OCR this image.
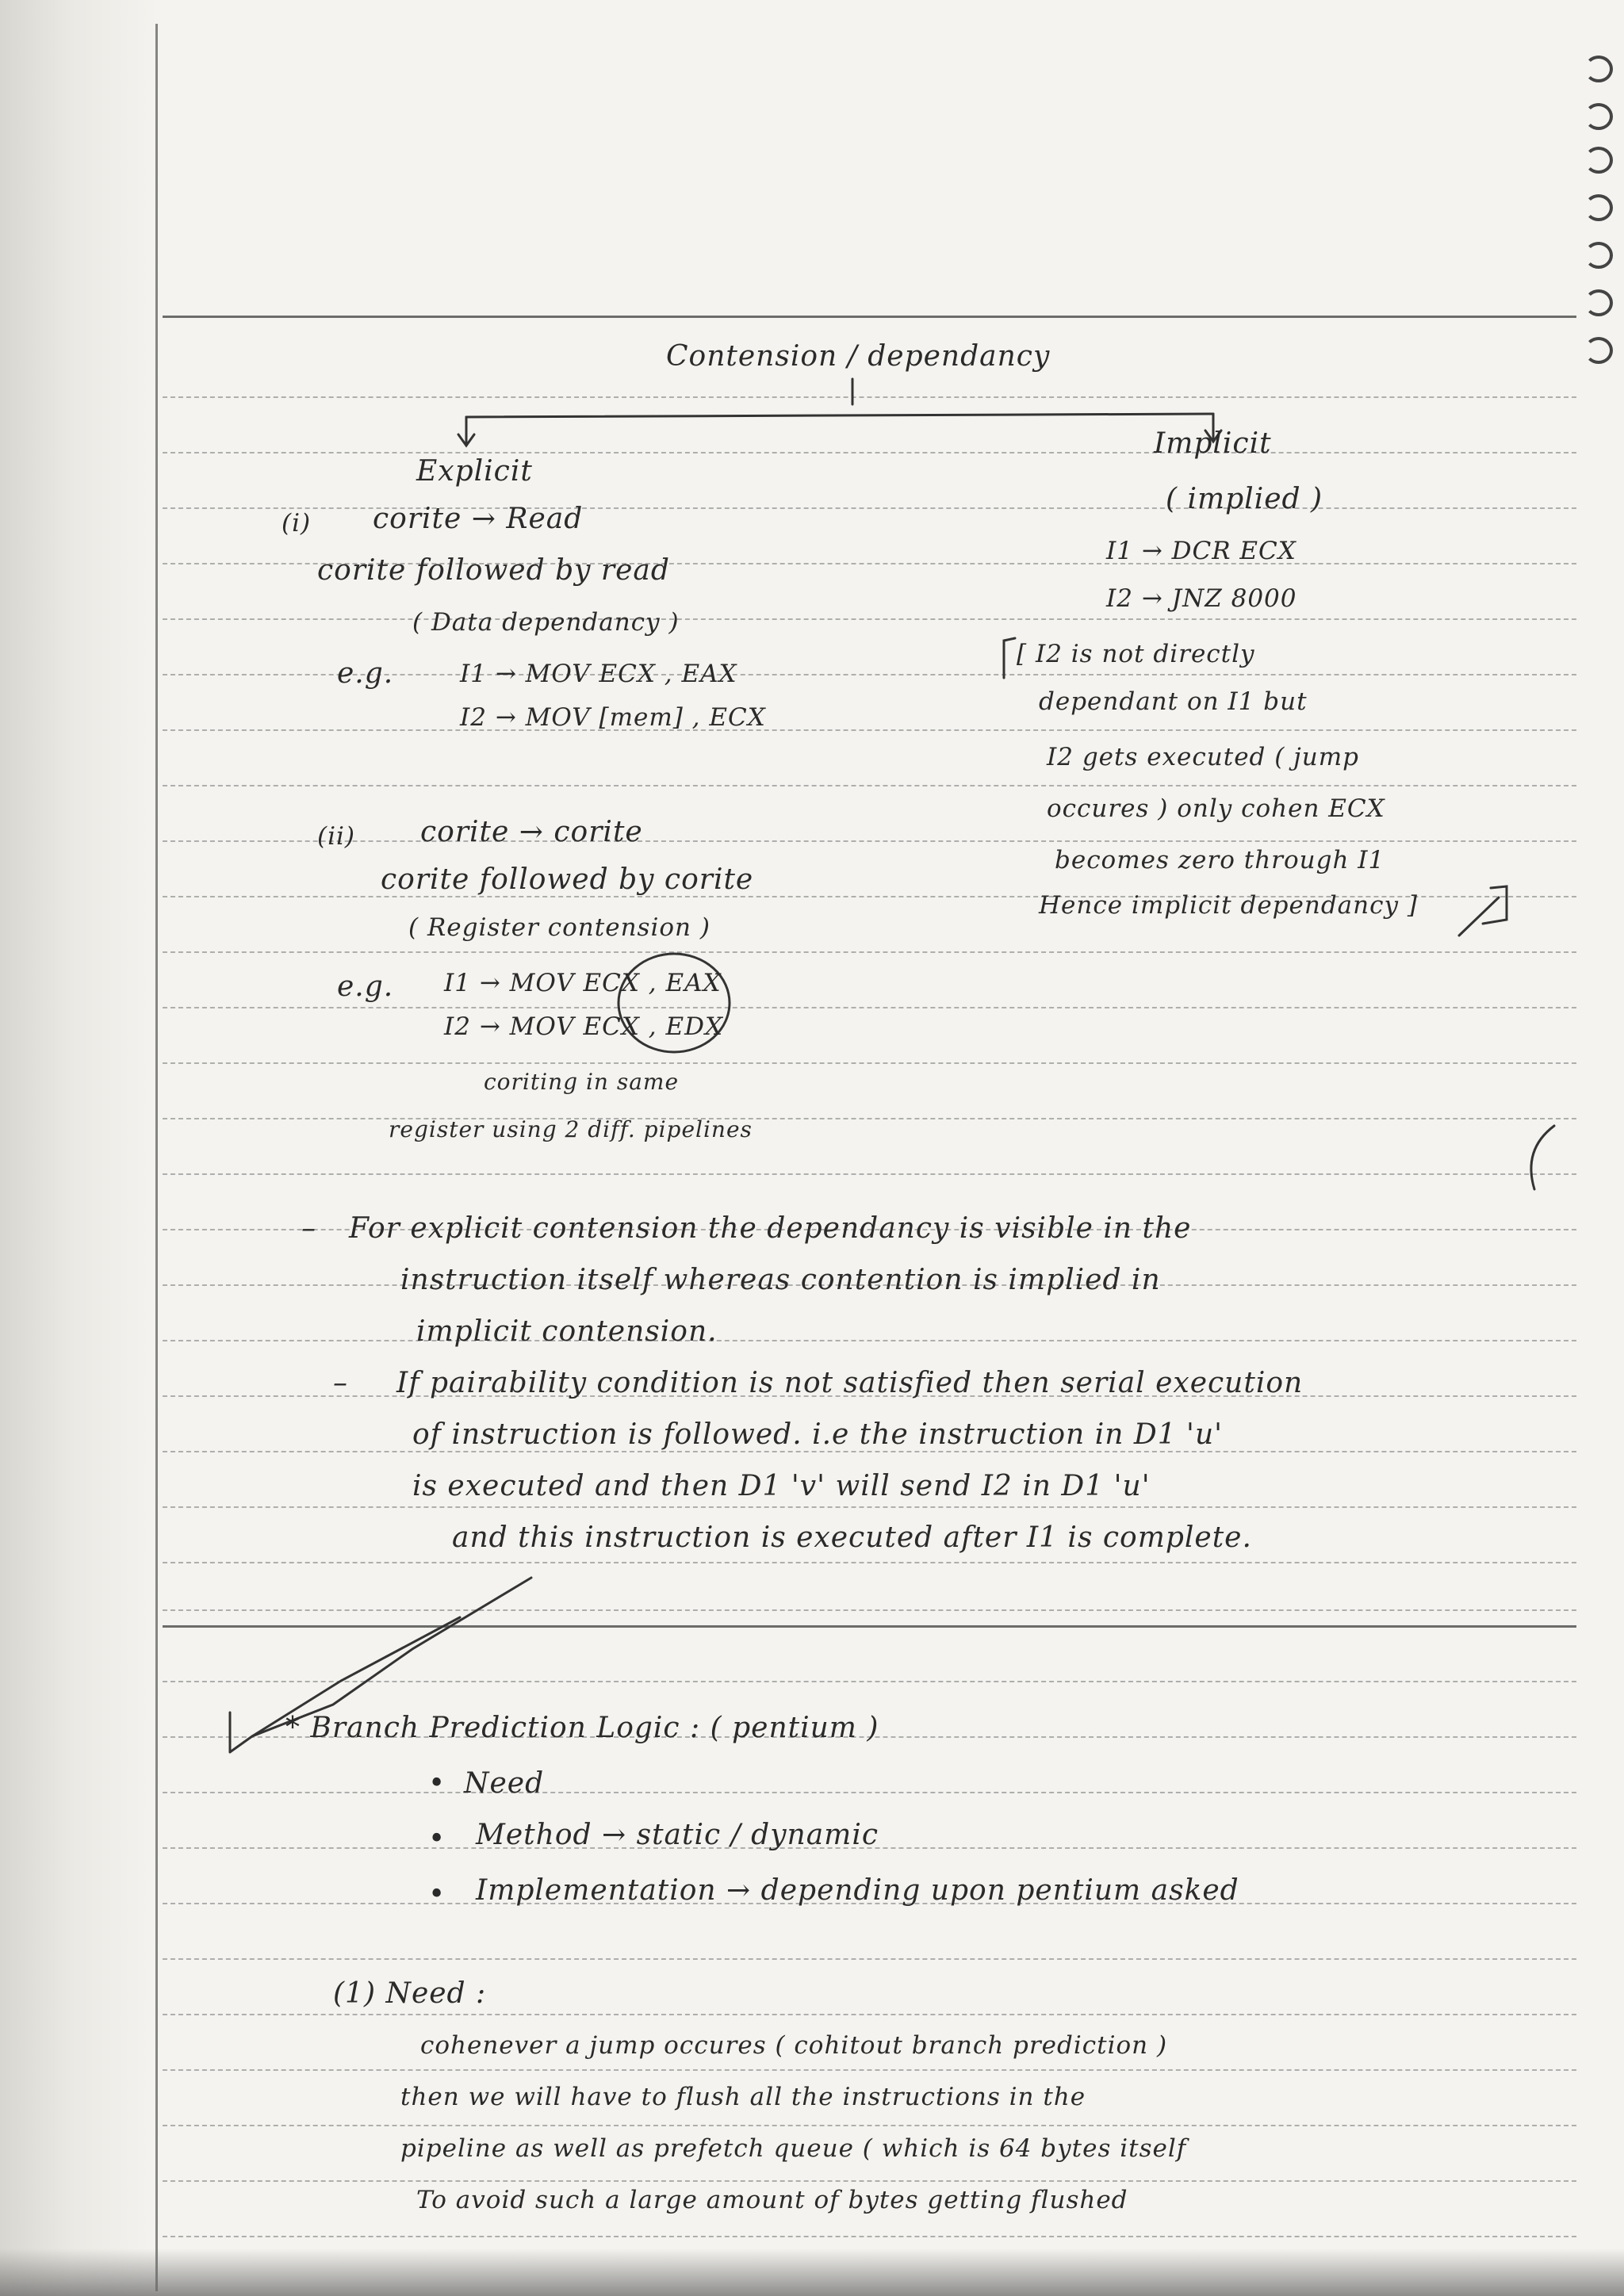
Contension / dependancy
Explicit
(i) corite → Read
corite followed by read
( Data dependancy )
e.g.	I1 → MOV ECX , EAX
I2 → MOV [mem] , ECX
(ii) corite → corite
corite followed by corite
( Register contension )
e.g. I1 → MOV ECX , EAX
I2 → MOV ECX , EDX
coriting in same
register using 2 diff. pipelines
Implicit
( implied )
I1 → DCR ECX
I2 → JNZ 8000
[ I2 is not directly
dependant on I1 but
I2 gets executed ( jump
occures ) only cohen ECX
becomes zero through I1
Hence implicit dependancy ]
– For explicit contension the dependancy is visible in the
instruction itself whereas contention is implied in
implicit contension.
– If pairability condition is not satisfied then serial execution
of instruction is followed. i.e the instruction in D1 'u'
is executed and then D1 'v' will send I2 in D1 'u'
and this instruction is executed after I1 is complete.
* Branch Prediction Logic : ( pentium )
• Need
• Method → static / dynamic
• Implementation → depending upon pentium asked
(1) Need :
cohenever a jump occures ( cohitout branch prediction )
then we will have to flush all the instructions in the
pipeline as well as prefetch queue ( which is 64 bytes itself
To avoid such a large amount of bytes getting flushed
